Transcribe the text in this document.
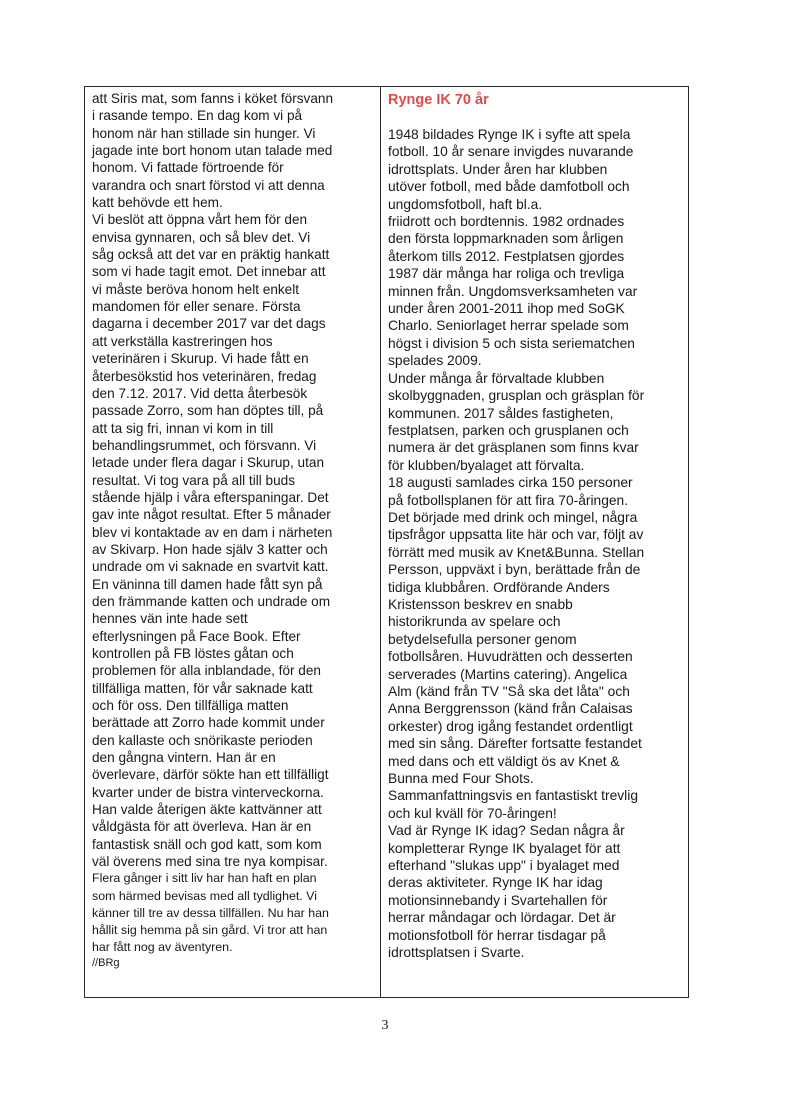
att Siris mat, som fanns i köket försvann
i rasande tempo. En dag kom vi på
honom när han stillade sin hunger. Vi
jagade inte bort honom utan talade med
honom. Vi fattade förtroende för
varandra och snart förstod vi att denna
katt behövde ett hem.
Vi beslöt att öppna vårt hem för den
envisa gynnaren, och så blev det. Vi
såg också att det var en präktig hankatt
som vi hade tagit emot. Det innebar att
vi måste beröva honom helt enkelt
mandomen för eller senare. Första
dagarna i december 2017 var det dags
att verkställa kastreringen hos
veterinären i Skurup. Vi hade fått en
återbesökstid hos veterinären, fredag
den 7.12. 2017. Vid detta återbesök
passade Zorro, som han döptes till, på
att ta sig fri, innan vi kom in till
behandlingsrummet, och försvann. Vi
letade under flera dagar i Skurup, utan
resultat. Vi tog vara på all till buds
stående hjälp i våra efterspaningar. Det
gav inte något resultat. Efter 5 månader
blev vi kontaktade av en dam i närheten
av Skivarp. Hon hade själv 3 katter och
undrade om vi saknade en svartvit katt.
En väninna till damen hade fått syn på
den främmande katten och undrade om
hennes vän inte hade sett
efterlysningen på Face Book. Efter
kontrollen på FB löstes gåtan och
problemen för alla inblandade, för den
tillfälliga matten, för vår saknade katt
och för oss. Den tillfälliga matten
berättade att Zorro hade kommit under
den kallaste och snörikaste perioden
den gångna vintern. Han är en
överlevare, därför sökte han ett tillfälligt
kvarter under de bistra vinterveckorna.
Han valde återigen äkte kattvänner att
våldgästa för att överleva. Han är en
fantastisk snäll och god katt, som kom
väl överens med sina tre nya kompisar.
Flera gånger i sitt liv har han haft en plan
som härmed bevisas med all tydlighet. Vi
känner till tre av dessa tillfällen. Nu har han
hållit sig hemma på sin gård. Vi tror att han
har fått nog av äventyren.
//BRg
Rynge IK 70 år
1948 bildades Rynge IK i syfte att spela
fotboll. 10 år senare invigdes nuvarande
idrottsplats. Under åren har klubben
utöver fotboll, med både damfotboll och
ungdomsfotboll, haft bl.a.
friidrott och bordtennis. 1982 ordnades
den första loppmarknaden som årligen
återkom tills 2012. Festplatsen gjordes
1987 där många har roliga och trevliga
minnen från. Ungdomsverksamheten var
under åren 2001-2011 ihop med SoGK
Charlo. Seniorlaget herrar spelade som
högst i division 5 och sista seriematchen
spelades 2009.
Under många år förvaltade klubben
skolbyggnaden, grusplan och gräsplan för
kommunen. 2017 såldes fastigheten,
festplatsen, parken och grusplanen och
numera är det gräsplanen som finns kvar
för klubben/byalaget att förvalta.
18 augusti samlades cirka 150 personer
på fotbollsplanen för att fira 70-åringen.
Det började med drink och mingel, några
tipsfrågor uppsatta lite här och var, följt av
förrätt med musik av Knet&Bunna. Stellan
Persson, uppväxt i byn, berättade från de
tidiga klubbåren. Ordförande Anders
Kristensson beskrev en snabb
historikrunda av spelare och
betydelsefulla personer genom
fotbollsåren. Huvudrätten och desserten
serverades (Martins catering). Angelica
Alm (känd från TV "Så ska det låta" och
Anna Berggrensson (känd från Calaisas
orkester) drog igång festandet ordentligt
med sin sång. Därefter fortsatte festandet
med dans och ett väldigt ös av Knet &
Bunna med Four Shots.
Sammanfattningsvis en fantastiskt trevlig
och kul kväll för 70-åringen!
Vad är Rynge IK idag? Sedan några år
kompletterar Rynge IK byalaget för att
efterhand "slukas upp" i byalaget med
deras aktiviteter. Rynge IK har idag
motionsinnebandy i Svartehallen för
herrar måndagar och lördagar. Det är
motionsfotboll för herrar tisdagar på
idrottsplatsen i Svarte.
3
